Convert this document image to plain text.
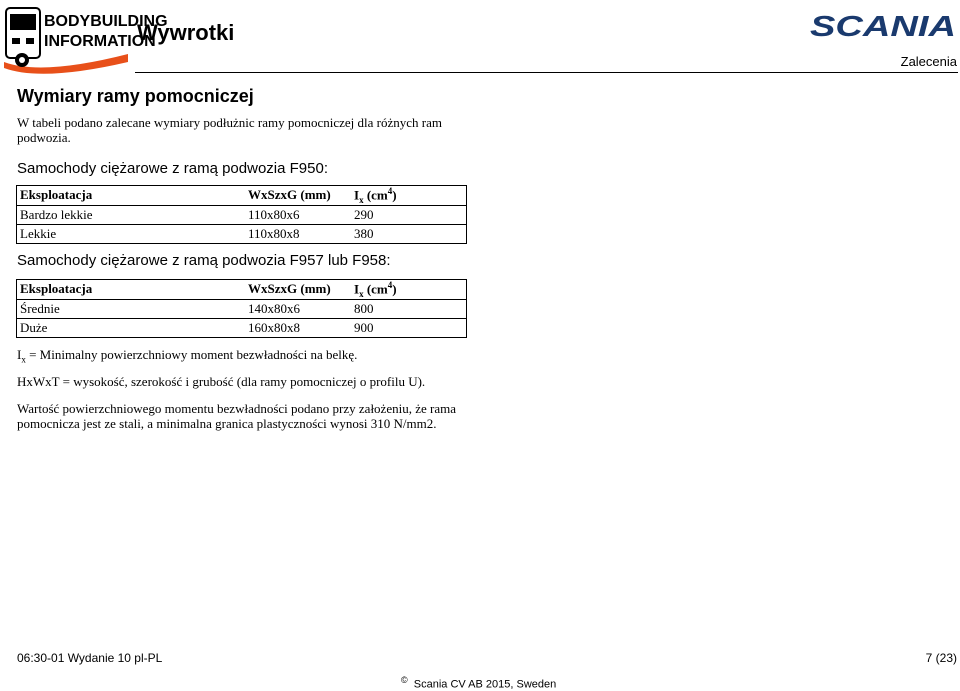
BODYBUILDING
INFORMATION
Wywrotki	SCANIA
Zalecenia
Wymiary ramy pomocniczej
W tabeli podano zalecane wymiary podłużnic ramy pomocniczej dla różnych ram podwozia.
Samochody ciężarowe z ramą podwozia F950:
Eksploatacja	WxSzxG (mm)	$I_x$ $(cm^4)$
Bardzo lekkie	110x80x6	290
Lekkie	110x80x8	380
Samochody ciężarowe z ramą podwozia F957 lub F958:
Eksploatacja	WxSzxG (mm)	$I_x$ $(cm^4)$
Średnie	140x80x6	800
Duże	160x80x8	900
$I_x$ = Minimalny powierzchniowy moment bezwładności na belkę.
HxWxT = wysokość, szerokość i grubość (dla ramy pomocniczej o profilu U).
Wartość powierzchniowego momentu bezwładności podano przy założeniu, że rama pomocnicza jest ze stali, a minimalna granica plastyczności wynosi 310 N/mm2.
06:30-01 Wydanie 10 pl-PL	7 (23)
© Scania CV AB 2015, Sweden
